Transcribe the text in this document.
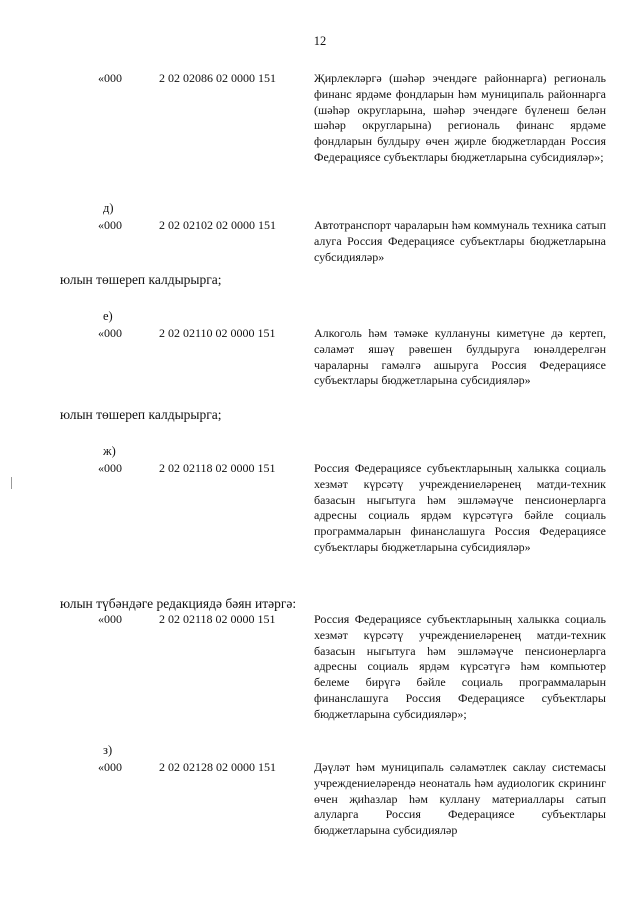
12
«000	2 02 02086 02 0000 151	Җирлекләргә (шәһәр эчендәге районнарга) региональ финанс ярдәме фондларын һәм муниципаль районнарга (шәһәр округларына, шәһәр эчендәге бүленеш белән шәһәр округларына) региональ финанс ярдәме фондларын булдыру өчен җирле бюджетлардан Россия Федерациясе субъектлары бюджетларына субсидияләр»;
д)
«000	2 02 02102 02 0000 151	Автотранспорт чараларын һәм коммуналь техника сатып алуга Россия Федерациясе субъектлары бюджетларына субсидияләр»
юлын төшереп калдырырга;
е)
«000	2 02 02110 02 0000 151	Алкоголь һәм тәмәке куллануны киметүне дә кертеп, сәламәт яшәү рәвешен булдыруга юнәлдерелгән чараларны гамәлгә ашыруга Россия Федерациясе субъектлары бюджетларына субсидияләр»
юлын төшереп калдырырга;
ж)
«000	2 02 02118 02 0000 151	Россия Федерациясе субъектларының халыкка социаль хезмәт күрсәтү учреждениеләренең матди-техник базасын ныгытуга һәм эшләмәүче пенсионерларга адресны социаль ярдәм күрсәтүгә бәйле социаль программаларын финанслашуга Россия Федерациясе субъектлары бюджетларына субсидияләр»
юлын түбәндәге редакциядә бәян итәргә:
«000	2 02 02118 02 0000 151	Россия Федерациясе субъектларының халыкка социаль хезмәт күрсәтү учреждениеләренең матди-техник базасын ныгытуга һәм эшләмәүче пенсионерларга адресны социаль ярдәм күрсәтүгә һәм компьютер белеме бирүгә бәйле социаль программаларын финанслашуга Россия Федерациясе субъектлары бюджетларына субсидияләр»;
з)
«000	2 02 02128 02 0000 151	Дәүләт һәм муниципаль сәламәтлек саклау системасы учреждениеләрендә неонаталь һәм аудиологик скрининг өчен җиһазлар һәм куллану материаллары сатып алуларга Россия Федерациясе субъектлары бюджетларына субсидияләр
